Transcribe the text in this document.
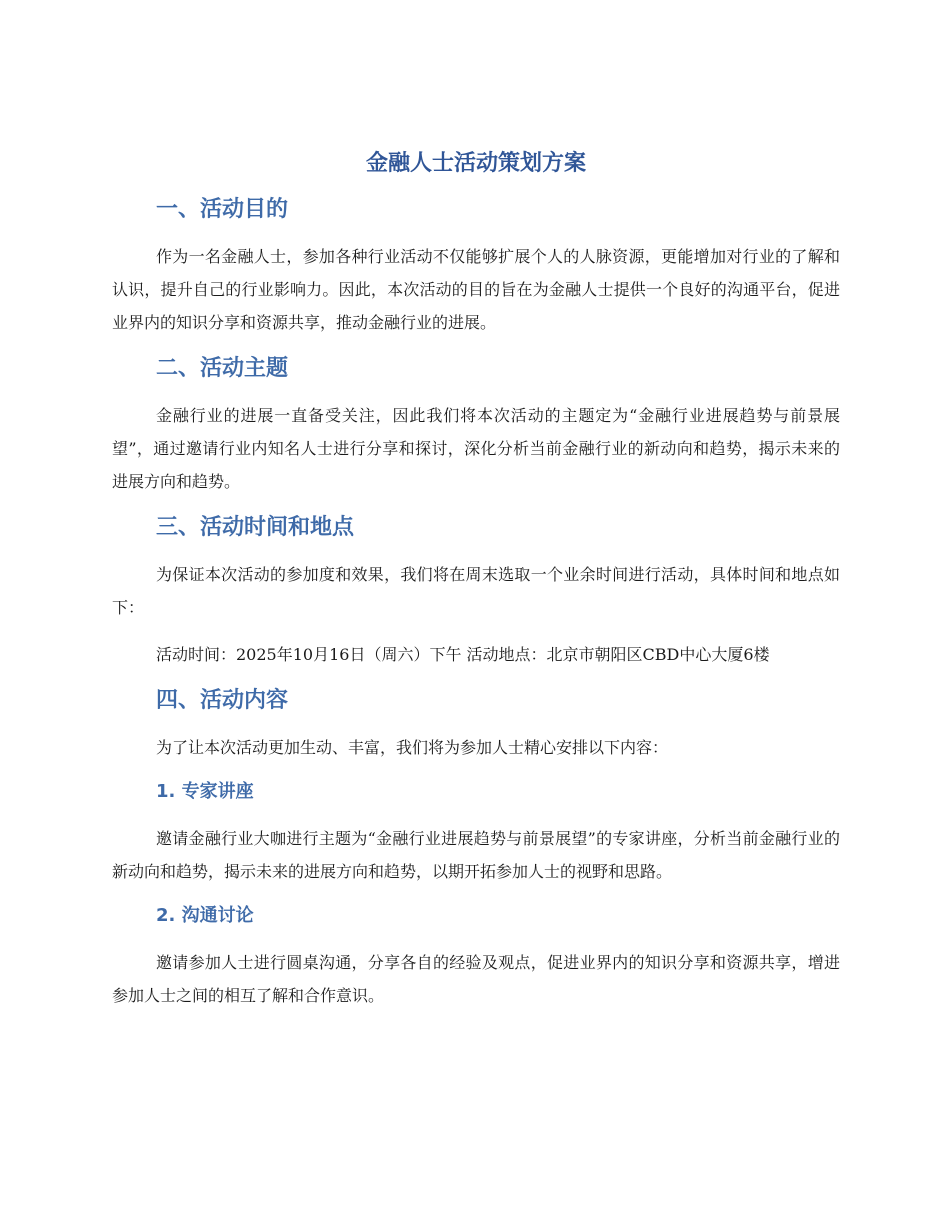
金融人士活动策划方案
一、活动目的

作为一名金融人士，参加各种行业活动不仅能够扩展个人的人脉资源，更能增加对行业的了解和认识，提升自己的行业影响力。因此，本次活动的目的旨在为金融人士提供一个良好的沟通平台，促进业界内的知识分享和资源共享，推动金融行业的进展。

二、活动主题

金融行业的进展一直备受关注，因此我们将本次活动的主题定为“金融行业进展趋势与前景展望”，通过邀请行业内知名人士进行分享和探讨，深化分析当前金融行业的新动向和趋势，揭示未来的进展方向和趋势。

三、活动时间和地点

为保证本次活动的参加度和效果，我们将在周末选取一个业余时间进行活动，具体时间和地点如下：

活动时间：2025年10月16日（周六）下午 活动地点：北京市朝阳区CBD中心大厦6楼

四、活动内容

为了让本次活动更加生动、丰富，我们将为参加人士精心安排以下内容：

1. 专家讲座

邀请金融行业大咖进行主题为“金融行业进展趋势与前景展望”的专家讲座，分析当前金融行业的新动向和趋势，揭示未来的进展方向和趋势，以期开拓参加人士的视野和思路。

2. 沟通讨论

邀请参加人士进行圆桌沟通，分享各自的经验及观点，促进业界内的知识分享和资源共享，增进参加人士之间的相互了解和合作意识。
